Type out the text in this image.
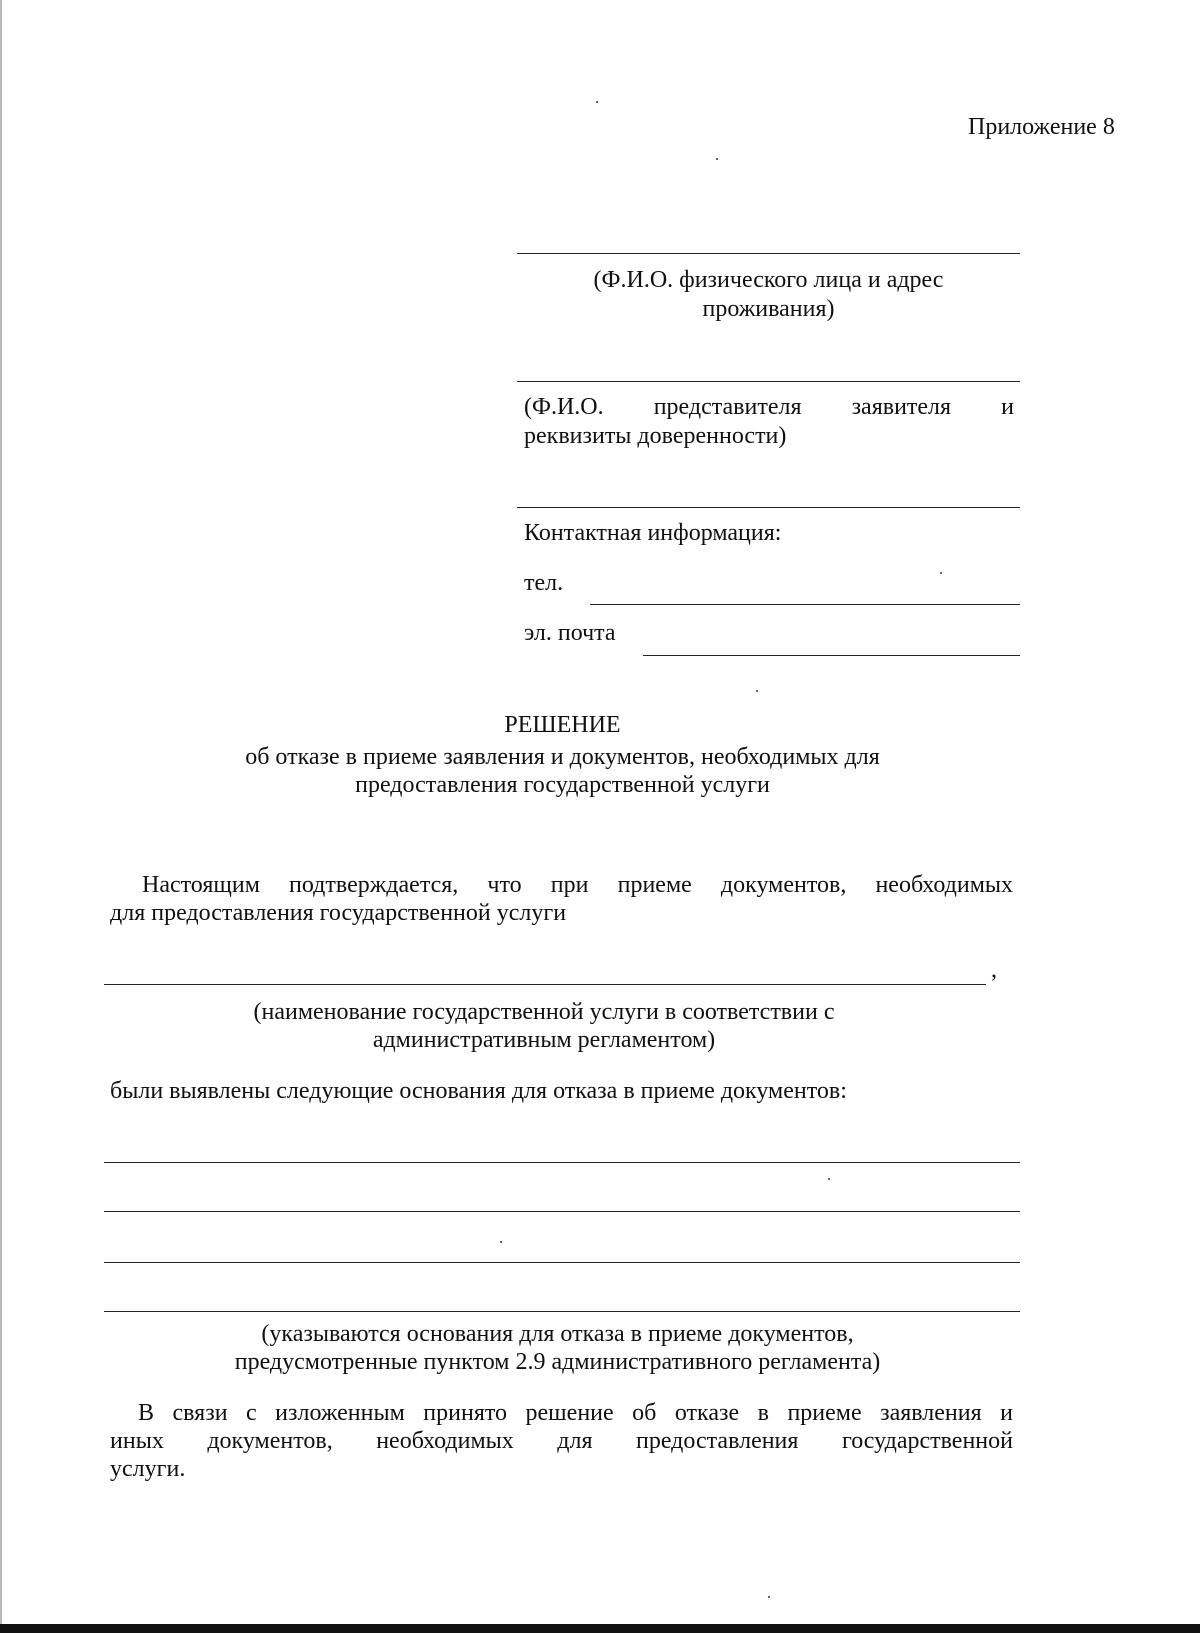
Приложение 8
(Ф.И.О. физического лица и адрес
проживания)
(Ф.И.О. представителя заявителя и
реквизиты доверенности)
Контактная информация:
тел.
эл. почта
РЕШЕНИЕ
об отказе в приеме заявления и документов, необходимых для
предоставления государственной услуги
Настоящим подтверждается, что при приеме документов, необходимых
для предоставления государственной услуги
,
(наименование государственной услуги в соответствии с
административным регламентом)
были выявлены следующие основания для отказа в приеме документов:
(указываются основания для отказа в приеме документов,
предусмотренные пунктом 2.9 административного регламента)
В связи с изложенным принято решение об отказе в приеме заявления и
иных документов, необходимых для предоставления государственной
услуги.
